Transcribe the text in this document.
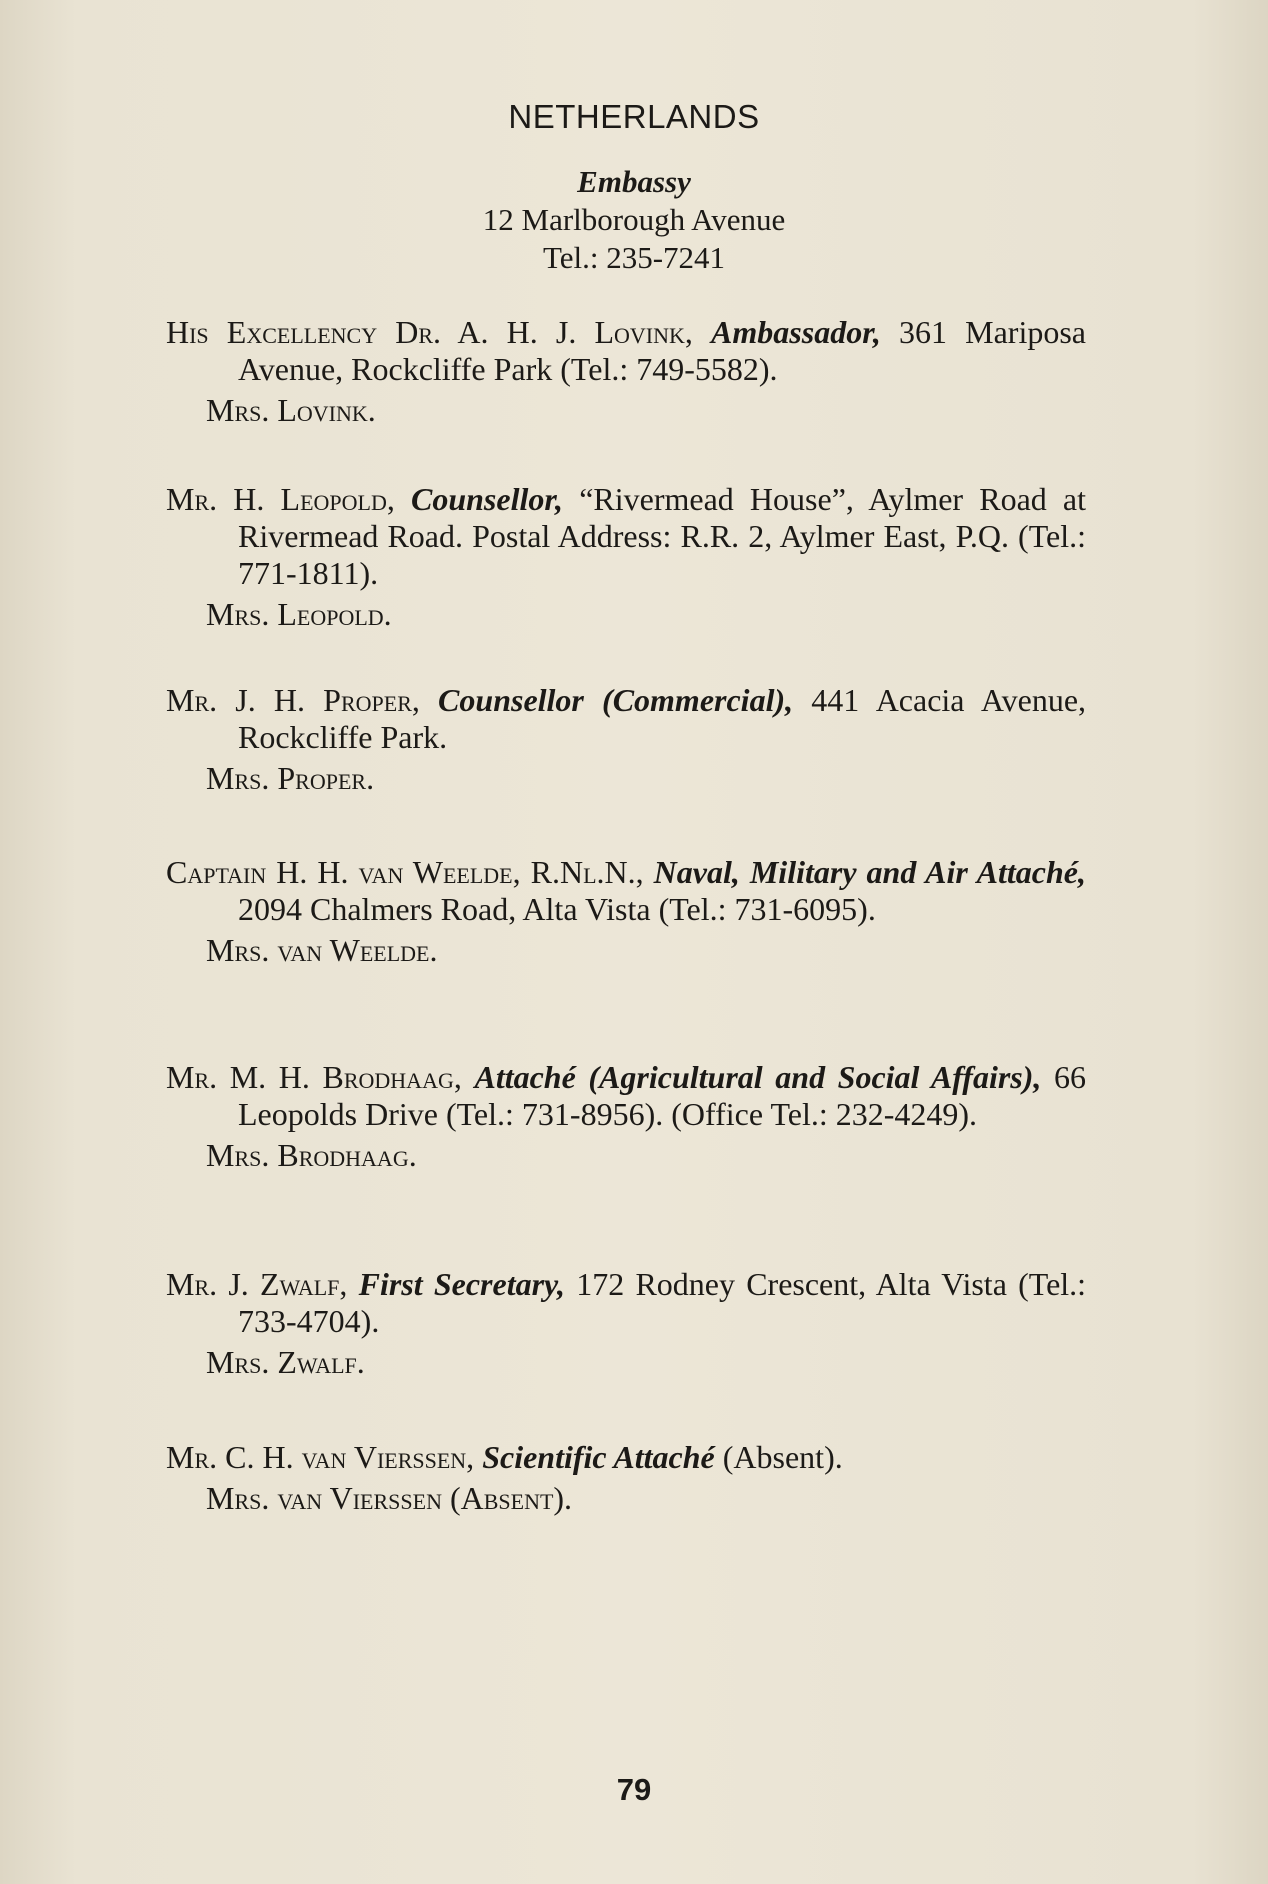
NETHERLANDS
Embassy
12 Marlborough Avenue
Tel.: 235-7241
His Excellency Dr. A. H. J. Lovink, Ambassador, 361 Mariposa Avenue, Rockcliffe Park (Tel.: 749-5582).
Mrs. Lovink.
Mr. H. Leopold, Counsellor, “Rivermead House”, Aylmer Road at Rivermead Road. Postal Address: R.R. 2, Aylmer East, P.Q. (Tel.: 771-1811).
Mrs. Leopold.
Mr. J. H. Proper, Counsellor (Commercial), 441 Acacia Avenue, Rockcliffe Park.
Mrs. Proper.
Captain H. H. van Weelde, R.Nl.N., Naval, Military and Air Attaché, 2094 Chalmers Road, Alta Vista (Tel.: 731-6095).
Mrs. van Weelde.
Mr. M. H. Brodhaag, Attaché (Agricultural and Social Affairs), 66 Leopolds Drive (Tel.: 731-8956). (Office Tel.: 232-4249).
Mrs. Brodhaag.
Mr. J. Zwalf, First Secretary, 172 Rodney Crescent, Alta Vista (Tel.: 733-4704).
Mrs. Zwalf.
Mr. C. H. van Vierssen, Scientific Attaché (Absent).
Mrs. van Vierssen (Absent).
79
